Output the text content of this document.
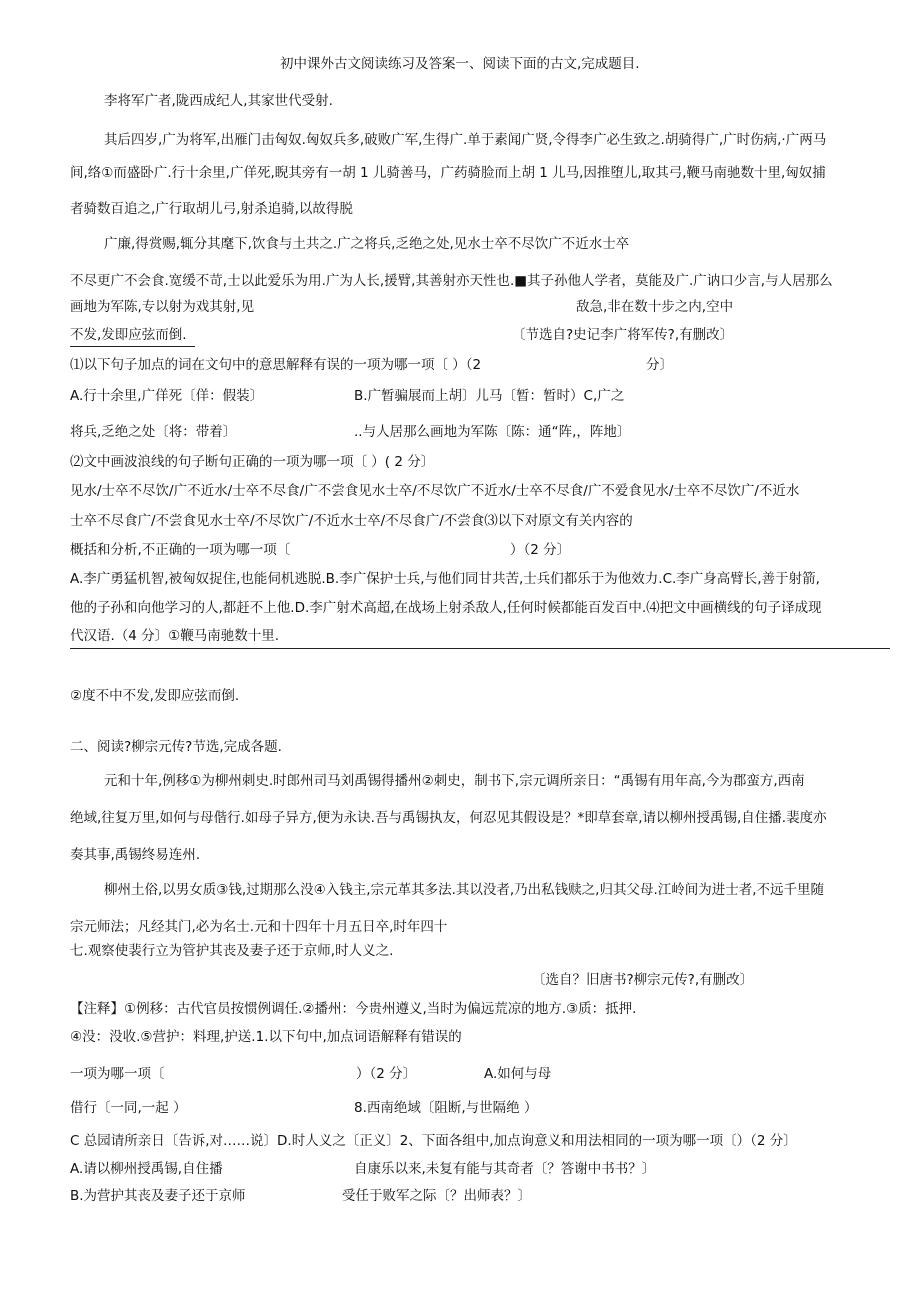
初中课外古文阅读练习及答案一、阅读下面的古文,完成题目.
李将军广者,陇西成纪人,其家世代受射.
其后四岁,广为将军,出雁门击匈奴.匈奴兵多,破败广军,生得广.单于素闻广贤,令得李广必生致之.胡骑得广,广时伤病,·广两马
间,络①而盛卧广.行十余里,广佯死,睨其旁有一胡 1 儿骑善马，广药骑脸而上胡 1 儿马,因推堕儿,取其弓,鞭马南驰数十里,匈奴捕
者骑数百追之,广行取胡儿弓,射杀追骑,以故得脱
广廉,得赏赐,辄分其麾下,饮食与土共之.广之将兵,乏绝之处,见水士卒不尽饮广不近水士卒
不尽更广不会食.宽缓不苛,士以此爱乐为用.广为人长,援臂,其善射亦天性也.■其子孙他人学者，莫能及广.广讷口少言,与人居那么
画地为军陈,专以射为戏其射,见	敌急,非在数十步之内,空中
不发,发即应弦而倒.	〔节选自?史记李广将军传?,有删改〕
⑴以下句子加点的词在文句中的意思解释有误的一项为哪一项〔 ）（2	分〕
A.行十余里,广佯死〔佯：假装〕	B.广暂骗展而上胡〕儿马〔暂：暂时）C,广之
将兵,乏绝之处〔将：带着〕	..与人居那么画地为军陈〔陈：通“阵,，阵地〕
⑵文中画波浪线的句子断句正确的一项为哪一项〔 ）( 2 分〕
见水/士卒不尽饮/广不近水/士卒不尽食/广不尝食见水士卒/不尽饮广不近水/士卒不尽食/广不爱食见水/士卒不尽饮广/不近水
士卒不尽食广/不尝食见水士卒/不尽饮广/不近水士卒/不尽食广/不尝食⑶以下对原文有关内容的
概括和分析,不正确的一项为哪一项〔	）（2 分〕
A.李广勇猛机智,被匈奴捉住,也能伺机逃脱.B.李广保护士兵,与他们同甘共苦,士兵们都乐于为他效力.C.李广身高臂长,善于射箭,
他的子孙和向他学习的人,都赶不上他.D.李广射术高超,在战场上射杀敌人,任何时候都能百发百中.⑷把文中画横线的句子译成现
代汉语.（4 分〕①鞭马南驰数十里.
②度不中不发,发即应弦而倒.
二、阅读?柳宗元传?节选,完成各题.
元和十年,例移①为柳州刺史.时郎州司马刘禹锡得播州②刺史，制书下,宗元调所亲日：“禹锡有用年高,今为郡蛮方,西南
绝域,往复万里,如何与母偕行.如母子异方,便为永诀.吾与禹锡执友，何忍见其假设是？*即草套章,请以柳州授禹锡,自住播.裴度亦
奏其事,禹锡终易连州.
柳州土俗,以男女质③钱,过期那么没④入钱主,宗元革其多法.其以没者,乃出私钱赎之,归其父母.江岭间为进士者,不远千里随
宗元师法；凡经其门,必为名士.元和十四年十月五日卒,时年四十
七.观察使裴行立为管护其丧及妻子还于京师,时人义之.
〔选自？旧唐书?柳宗元传?,有删改〕
【注释】①例移：古代官员按惯例调任.②播州：今贵州遵义,当时为偏远荒凉的地方.③质：抵押.
④没：没收.⑤营护：料理,护送.1.以下句中,加点词语解释有错误的
一项为哪一项〔	）（2 分〕	A.如何与母
借行〔一同,一起 ）	8.西南绝域〔阻断,与世隔绝 ）
C 总园请所亲日〔告诉,对……说〕D.时人义之〔正义〕2、下面各组中,加点询意义和用法相同的一项为哪一项〔）（2 分〕
A.请以柳州授禹锡,自住播	自康乐以来,未复有能与其奇者〔？答谢中书书？〕
B.为营护其丧及妻子还于京师	受任于败军之际〔？出师表？〕
